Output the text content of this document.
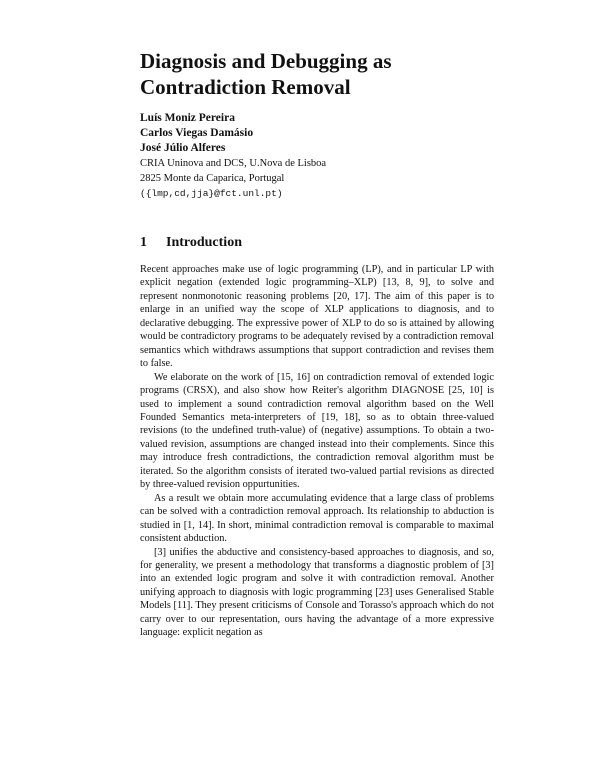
Diagnosis and Debugging as Contradiction Removal
Luís Moniz Pereira
Carlos Viegas Damásio
José Júlio Alferes
CRIA Uninova and DCS, U.Nova de Lisboa
2825 Monte da Caparica, Portugal
({lmp,cd,jja}@fct.unl.pt)
1 Introduction

Recent approaches make use of logic programming (LP), and in particular LP with explicit negation (extended logic programming–XLP) [13, 8, 9], to solve and represent nonmonotonic reasoning problems [20, 17]. The aim of this paper is to enlarge in an unified way the scope of XLP applications to diagnosis, and to declarative debugging. The expressive power of XLP to do so is attained by allowing would be contradictory programs to be adequately revised by a contradiction removal semantics which withdraws assumptions that support contradiction and revises them to false.

We elaborate on the work of [15, 16] on contradiction removal of extended logic programs (CRSX), and also show how Reiter's algorithm DIAGNOSE [25, 10] is used to implement a sound contradiction removal algorithm based on the Well Founded Semantics meta-interpreters of [19, 18], so as to obtain three-valued revisions (to the undefined truth-value) of (negative) assumptions. To obtain a two-valued revision, assumptions are changed instead into their complements. Since this may introduce fresh contradictions, the contradiction removal algorithm must be iterated. So the algorithm consists of iterated two-valued partial revisions as directed by three-valued revision oppurtunities.

As a result we obtain more accumulating evidence that a large class of problems can be solved with a contradiction removal approach. Its relationship to abduction is studied in [1, 14]. In short, minimal contradiction removal is comparable to maximal consistent abduction.

[3] unifies the abductive and consistency-based approaches to diagnosis, and so, for generality, we present a methodology that transforms a diagnostic problem of [3] into an extended logic program and solve it with contradiction removal. Another unifying approach to diagnosis with logic programming [23] uses Generalised Stable Models [11]. They present criticisms of Console and Torasso's approach which do not carry over to our representation, ours having the advantage of a more expressive language: explicit negation as
